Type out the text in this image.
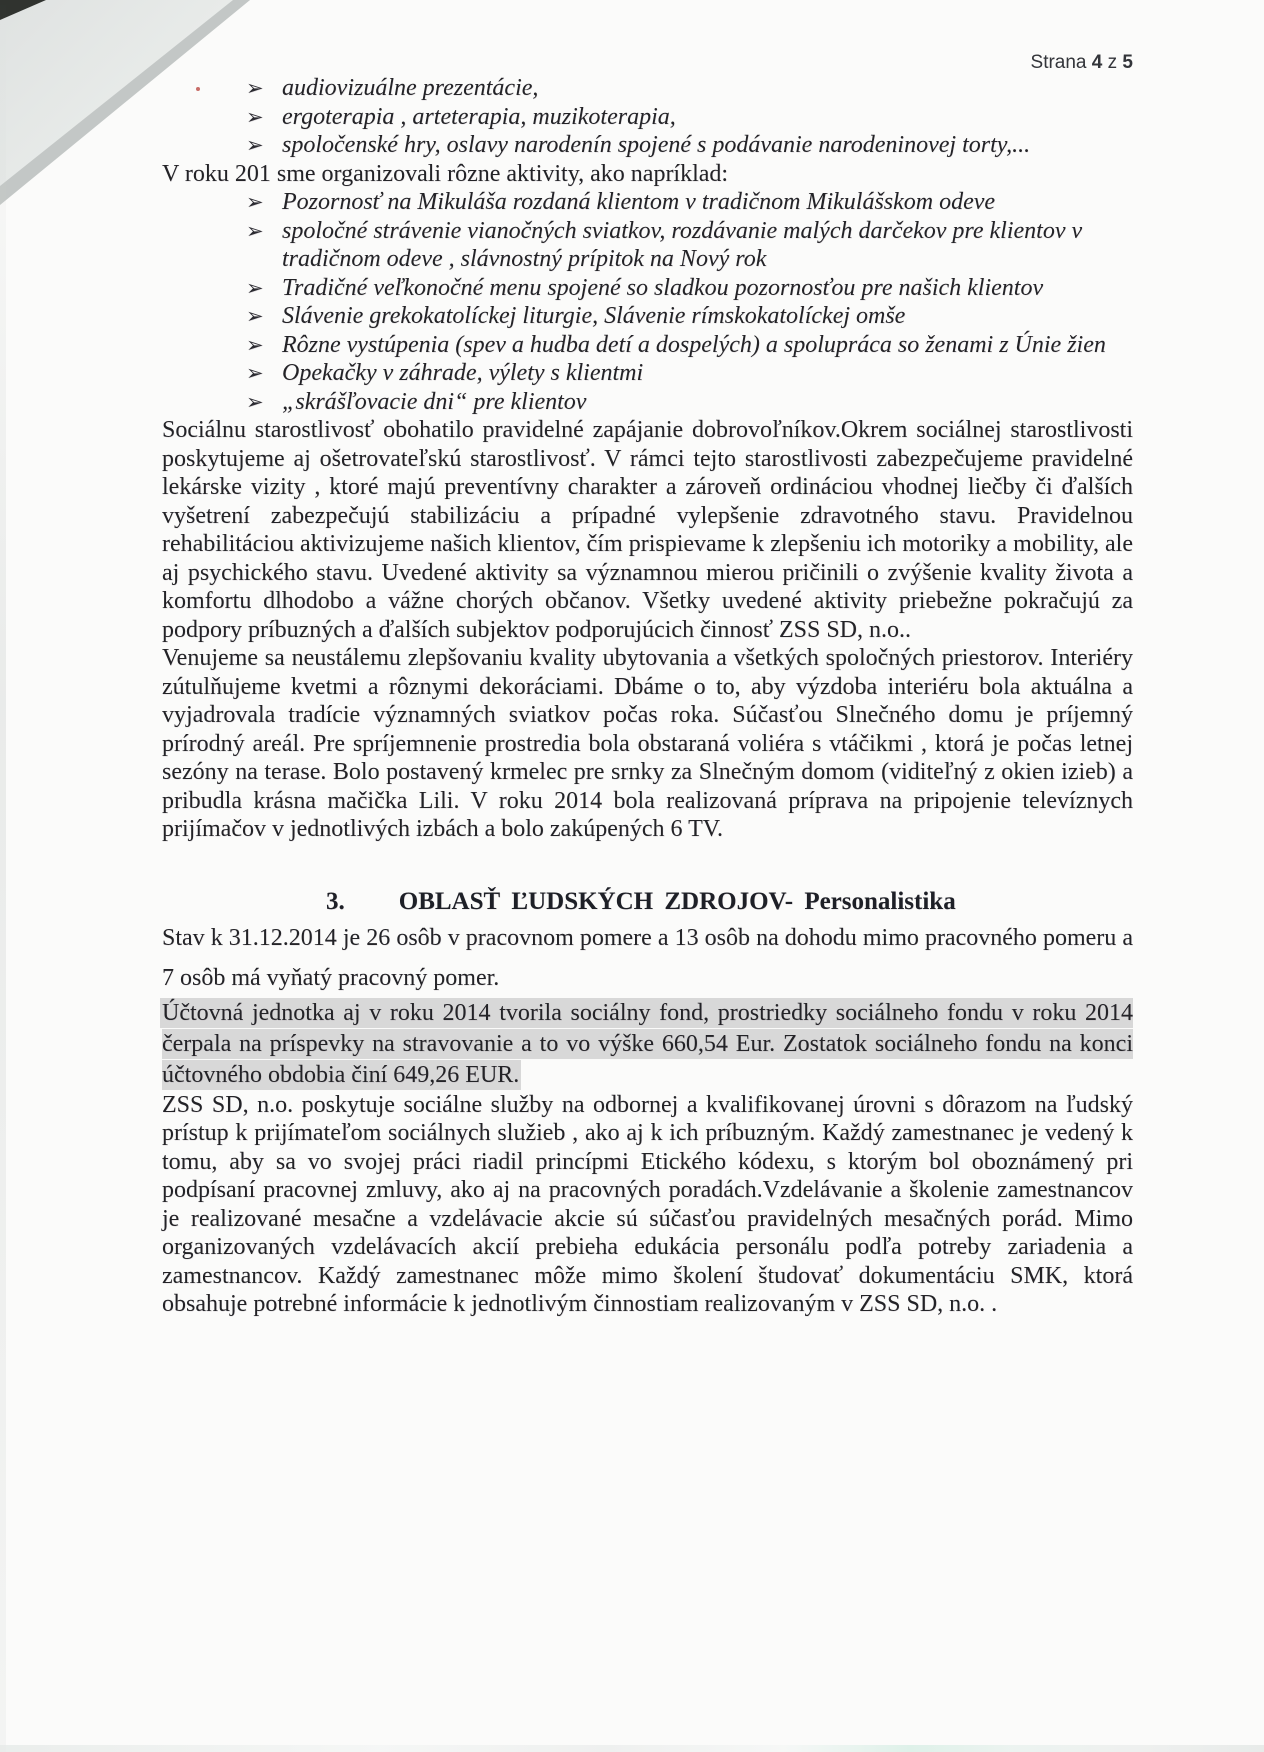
Strana 4 z 5
➢ audiovizuálne prezentácie,
➢ ergoterapia , arteterapia, muzikoterapia,
➢ spoločenské hry, oslavy narodenín spojené s podávanie narodeninovej torty,...

V roku 201 sme organizovali rôzne aktivity, ako napríklad:

➢ Pozornosť na Mikuláša rozdaná klientom v tradičnom Mikulášskom odeve
➢ spoločné strávenie vianočných sviatkov, rozdávanie malých darčekov pre klientov v tradičnom odeve , slávnostný prípitok na Nový rok
➢ Tradičné veľkonočné menu spojené so sladkou pozornosťou pre našich klientov
➢ Slávenie grekokatolíckej liturgie, Slávenie rímskokatolíckej omše
➢ Rôzne vystúpenia (spev a hudba detí a dospelých) a spolupráca so ženami z Únie žien
➢ Opekačky v záhrade, výlety s klientmi
➢ „skrášľovacie dni“ pre klientov

Sociálnu starostlivosť obohatilo pravidelné zapájanie dobrovoľníkov.Okrem sociálnej starostlivosti poskytujeme aj ošetrovateľskú starostlivosť. V rámci tejto starostlivosti zabezpečujeme pravidelné lekárske vizity , ktoré majú preventívny charakter a zároveň ordináciou vhodnej liečby či ďalších vyšetrení zabezpečujú stabilizáciu a prípadné vylepšenie zdravotného stavu. Pravidelnou rehabilitáciou aktivizujeme našich klientov, čím prispievame k zlepšeniu ich motoriky a mobility, ale aj psychického stavu. Uvedené aktivity sa významnou mierou pričinili o zvýšenie kvality života a komfortu dlhodobo a vážne chorých občanov. Všetky uvedené aktivity priebežne pokračujú za podpory príbuzných a ďalších subjektov podporujúcich činnosť ZSS SD, n.o..

Venujeme sa neustálemu zlepšovaniu kvality ubytovania a všetkých spoločných priestorov. Interiéry zútulňujeme kvetmi a rôznymi dekoráciami. Dbáme o to, aby výzdoba interiéru bola aktuálna a vyjadrovala tradície významných sviatkov počas roka. Súčasťou Slnečného domu je príjemný prírodný areál. Pre spríjemnenie prostredia bola obstaraná voliéra s vtáčikmi , ktorá je počas letnej sezóny na terase. Bolo postavený krmelec pre srnky za Slnečným domom (viditeľný z okien izieb) a pribudla krásna mačička Lili. V roku 2014 bola realizovaná príprava na pripojenie televíznych prijímačov v jednotlivých izbách a bolo zakúpených 6 TV.

3. OBLASŤ ĽUDSKÝCH ZDROJOV- Personalistika

Stav k 31.12.2014 je 26 osôb v pracovnom pomere a 13 osôb na dohodu mimo pracovného pomeru a 7 osôb má vyňatý pracovný pomer.

Účtovná jednotka aj v roku 2014 tvorila sociálny fond, prostriedky sociálneho fondu v roku 2014 čerpala na príspevky na stravovanie a to vo výške 660,54 Eur. Zostatok sociálneho fondu na konci účtovného obdobia činí 649,26 EUR.

ZSS SD, n.o. poskytuje sociálne služby na odbornej a kvalifikovanej úrovni s dôrazom na ľudský prístup k prijímateľom sociálnych služieb , ako aj k ich príbuzným. Každý zamestnanec je vedený k tomu, aby sa vo svojej práci riadil princípmi Etického kódexu, s ktorým bol oboznámený pri podpísaní pracovnej zmluvy, ako aj na pracovných poradách.Vzdelávanie a školenie zamestnancov je realizované mesačne a vzdelávacie akcie sú súčasťou pravidelných mesačných porád. Mimo organizovaných vzdelávacích akcií prebieha edukácia personálu podľa potreby zariadenia a zamestnancov. Každý zamestnanec môže mimo školení študovať dokumentáciu SMK, ktorá obsahuje potrebné informácie k jednotlivým činnostiam realizovaným v ZSS SD, n.o. .
